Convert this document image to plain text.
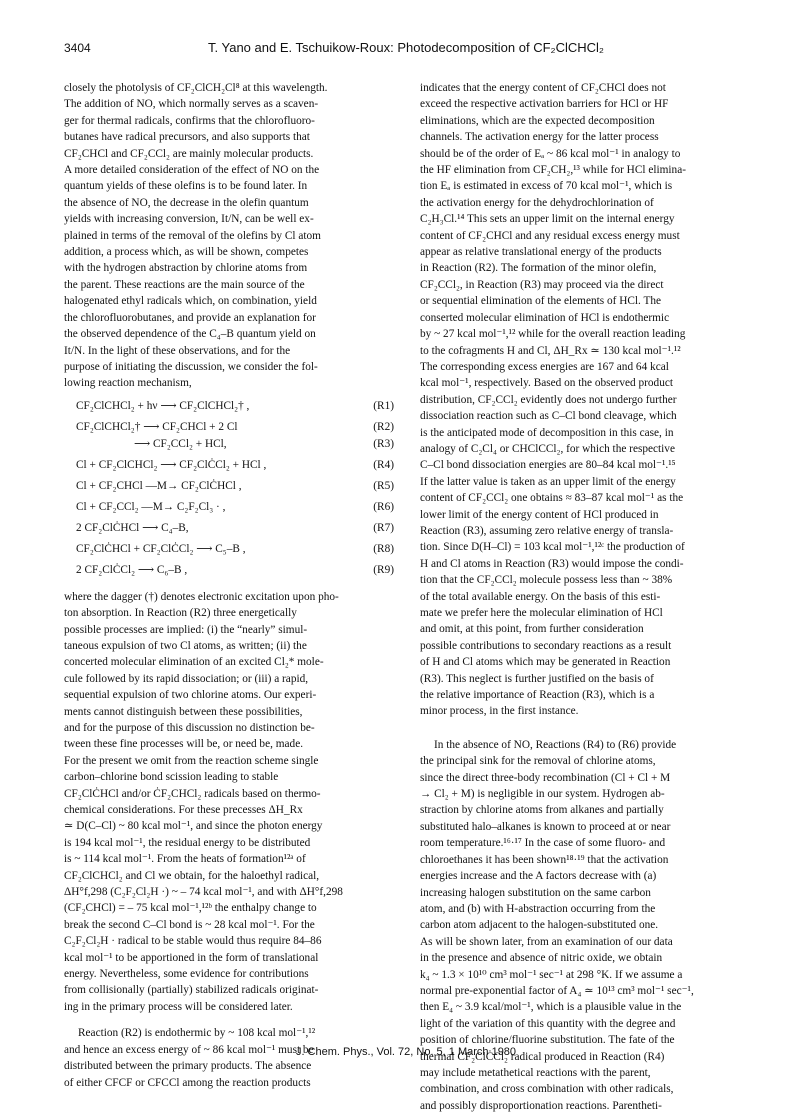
3404	T. Yano and E. Tschuikow-Roux: Photodecomposition of CF₂ClCHCl₂

closely the photolysis of CF₂ClCH₂Cl⁸ at this wavelength.
The addition of NO, which normally serves as a scaven-
ger for thermal radicals, confirms that the chlorofluoro-
butanes have radical precursors, and also supports that
CF₂CHCl and CF₂CCl₂ are mainly molecular products.
A more detailed consideration of the effect of NO on the
quantum yields of these olefins is to be found later. In
the absence of NO, the decrease in the olefin quantum
yields with increasing conversion, It/N, can be well ex-
plained in terms of the removal of the olefins by Cl atom
addition, a process which, as will be shown, competes
with the hydrogen abstraction by chlorine atoms from
the parent. These reactions are the main source of the
halogenated ethyl radicals which, on combination, yield
the chlorofluorobutanes, and provide an explanation for
the observed dependence of the C₄–B quantum yield on
It/N. In the light of these observations, and for the
purpose of initiating the discussion, we consider the fol-
lowing reaction mechanism,

CF₂ClCHCl₂ + hν ⟶ CF₂ClCHCl₂† ,	(R1)
CF₂ClCHCl₂† ⟶ CF₂CHCl + 2 Cl	(R2)
⟶ CF₂CCl₂ + HCl,	(R3)
Cl + CF₂ClCHCl₂ ⟶ CF₂ClĊCl₂ + HCl ,	(R4)
Cl + CF₂CHCl —M→ CF₂ClĊHCl ,	(R5)
Cl + CF₂CCl₂ —M→ C₂F₂Cl₃ · ,	(R6)
2 CF₂ClĊHCl ⟶ C₄–B,	(R7)
CF₂ClĊHCl + CF₂ClĊCl₂ ⟶ C₅–B ,	(R8)
2 CF₂ClĊCl₂ ⟶ C₆–B ,	(R9)

where the dagger (†) denotes electronic excitation upon pho-
ton absorption. In Reaction (R2) three energetically
possible processes are implied: (i) the “nearly” simul-
taneous expulsion of two Cl atoms, as written; (ii) the
concerted molecular elimination of an excited Cl₂* mole-
cule followed by its rapid dissociation; or (iii) a rapid,
sequential expulsion of two chlorine atoms. Our experi-
ments cannot distinguish between these possibilities,
and for the purpose of this discussion no distinction be-
tween these fine processes will be, or need be, made.
For the present we omit from the reaction scheme single
carbon–chlorine bond scission leading to stable
CF₂ClĊHCl and/or ĊF₂CHCl₂ radicals based on thermo-
chemical considerations. For these precesses ΔH_Rx
≃ D(C–Cl) ~ 80 kcal mol⁻¹, and since the photon energy
is 194 kcal mol⁻¹, the residual energy to be distributed
is ~ 114 kcal mol⁻¹. From the heats of formation¹²ᵃ of
CF₂ClCHCl₂ and Cl we obtain, for the haloethyl radical,
ΔH°f,298 (C₂F₂Cl₂H ·) ~ – 74 kcal mol⁻¹, and with ΔH°f,298
(CF₂CHCl) = – 75 kcal mol⁻¹,¹²ᵇ the enthalpy change to
break the second C–Cl bond is ~ 28 kcal mol⁻¹. For the
C₂F₂Cl₂H · radical to be stable would thus require 84–86
kcal mol⁻¹ to be apportioned in the form of translational
energy. Nevertheless, some evidence for contributions
from collisionally (partially) stabilized radicals originat-
ing in the primary process will be considered later.

Reaction (R2) is endothermic by ~ 108 kcal mol⁻¹,¹²
and hence an excess energy of ~ 86 kcal mol⁻¹ must be
distributed between the primary products. The absence
of either CFCF or CFCCl among the reaction products

indicates that the energy content of CF₂CHCl does not
exceed the respective activation barriers for HCl or HF
eliminations, which are the expected decomposition
channels. The activation energy for the latter process
should be of the order of Eₐ ~ 86 kcal mol⁻¹ in analogy to
the HF elimination from CF₂CH₂,¹³ while for HCl elimina-
tion Eₐ is estimated in excess of 70 kcal mol⁻¹, which is
the activation energy for the dehydrochlorination of
C₂H₃Cl.¹⁴ This sets an upper limit on the internal energy
content of CF₂CHCl and any residual excess energy must
appear as relative translational energy of the products
in Reaction (R2). The formation of the minor olefin,
CF₂CCl₂, in Reaction (R3) may proceed via the direct
or sequential elimination of the elements of HCl. The
conserted molecular elimination of HCl is endothermic
by ~ 27 kcal mol⁻¹,¹² while for the overall reaction leading
to the cofragments H and Cl, ΔH_Rx ≃ 130 kcal mol⁻¹.¹²
The corresponding excess energies are 167 and 64 kcal
kcal mol⁻¹, respectively. Based on the observed product
distribution, CF₂CCl₂ evidently does not undergo further
dissociation reaction such as C–Cl bond cleavage, which
is the anticipated mode of decomposition in this case, in
analogy of C₂Cl₄ or CHClCCl₂, for which the respective
C–Cl bond dissociation energies are 80–84 kcal mol⁻¹.¹⁵
If the latter value is taken as an upper limit of the energy
content of CF₂CCl₂ one obtains ≈ 83–87 kcal mol⁻¹ as the
lower limit of the energy content of HCl produced in
Reaction (R3), assuming zero relative energy of transla-
tion. Since D(H–Cl) = 103 kcal mol⁻¹,¹²ᶜ the production of
H and Cl atoms in Reaction (R3) would impose the condi-
tion that the CF₂CCl₂ molecule possess less than ~ 38%
of the total available energy. On the basis of this esti-
mate we prefer here the molecular elimination of HCl
and omit, at this point, from further consideration
possible contributions to secondary reactions as a result
of H and Cl atoms which may be generated in Reaction
(R3). This neglect is further justified on the basis of
the relative importance of Reaction (R3), which is a
minor process, in the first instance.

In the absence of NO, Reactions (R4) to (R6) provide
the principal sink for the removal of chlorine atoms,
since the direct three-body recombination (Cl + Cl + M
→ Cl₂ + M) is negligible in our system. Hydrogen ab-
straction by chlorine atoms from alkanes and partially
substituted halo–alkanes is known to proceed at or near
room temperature.¹⁶·¹⁷ In the case of some fluoro- and
chloroethanes it has been shown¹⁸·¹⁹ that the activation
energies increase and the A factors decrease with (a)
increasing halogen substitution on the same carbon
atom, and (b) with H-abstraction occurring from the
carbon atom adjacent to the halogen-substituted one.
As will be shown later, from an examination of our data
in the presence and absence of nitric oxide, we obtain
k₄ ~ 1.3 × 10¹⁰ cm³ mol⁻¹ sec⁻¹ at 298 °K. If we assume a
normal pre-exponential factor of A₄ ≃ 10¹³ cm³ mol⁻¹ sec⁻¹,
then E₄ ~ 3.9 kcal/mol⁻¹, which is a plausible value in the
light of the variation of this quantity with the degree and
position of chlorine/fluorine substitution. The fate of the
thermal CF₂ClĊCl₂ radical produced in Reaction (R4)
may include metathetical reactions with the parent,
combination, and cross combination with other radicals,
and possibly disproportionation reactions. Parentheti-

J. Chem. Phys., Vol. 72, No. 5, 1 March 1980
